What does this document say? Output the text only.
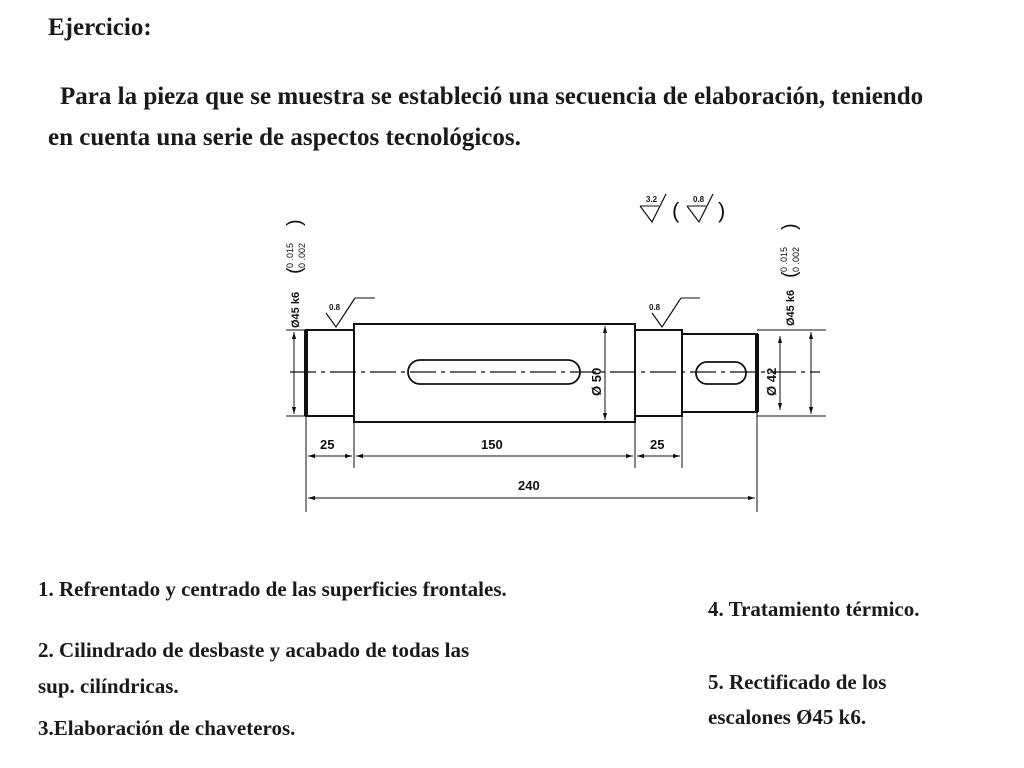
Ejercicio:
Para la pieza que se muestra se estableció una secuencia de elaboración, teniendo en cuenta una serie de aspectos tecnológicos.
25	150	25
240
Ø 50	Ø 42
Ø45 k6
(
0 .015 0 .002
)
Ø45 k6
(
0 .015 0 .002
)
0.8	0.8
3.2 ( 0.8 )
1. Refrentado y centrado de las superficies frontales.
2. Cilindrado de desbaste y acabado de todas las
sup. cilíndricas.
3.Elaboración de chaveteros.
4. Tratamiento térmico.
5. Rectificado de los
escalones Ø45 k6.
